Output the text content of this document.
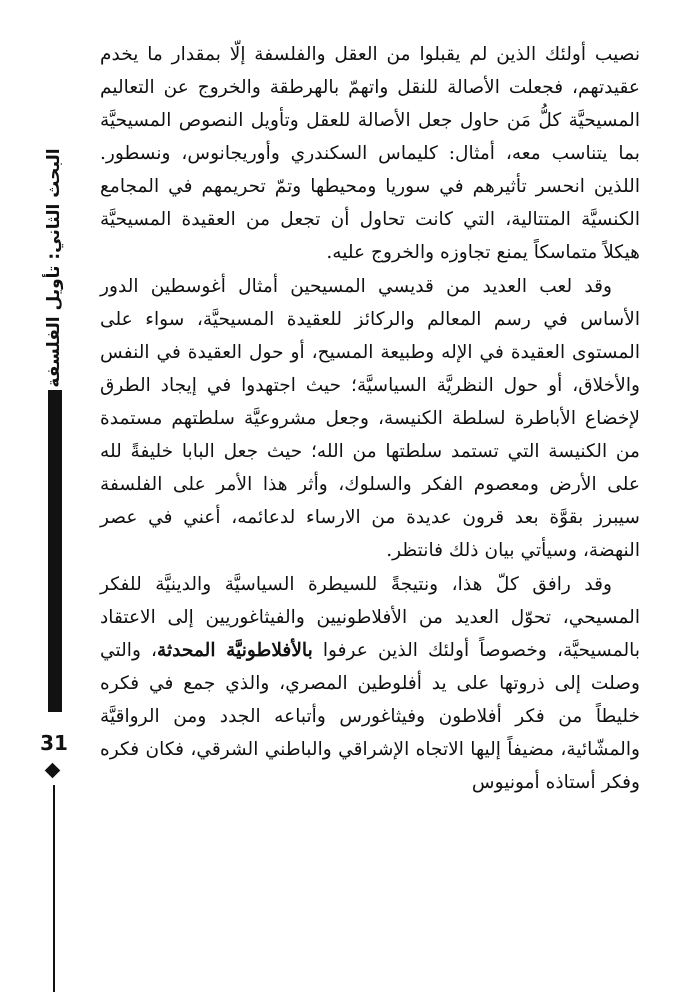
البحث الثاني: تأويل الفلسفة
31

نصيب أولئك الذين لم يقبلوا من العقل والفلسفة إلّا بمقدار ما يخدم عقيدتهم، فجعلت الأصالة للنقل واتهمّ بالهرطقة والخروج عن التعاليم المسيحيَّة كلُّ مَن حاول جعل الأصالة للعقل وتأويل النصوص المسيحيَّة بما يتناسب معه، أمثال: كليماس السكندري وأوريجانوس، ونسطور. اللذين انحسر تأثيرهم في سوريا ومحيطها وتمّ تحريمهم في المجامع الكنسيَّة المتتالية، التي كانت تحاول أن تجعل من العقيدة المسيحيَّة هيكلاً متماسكاً يمنع تجاوزه والخروج عليه.

وقد لعب العديد من قديسي المسيحين أمثال أغوسطين الدور الأساس في رسم المعالم والركائز للعقيدة المسيحيَّة، سواء على المستوى العقيدة في الإله وطبيعة المسيح، أو حول العقيدة في النفس والأخلاق، أو حول النظريَّة السياسيَّة؛ حيث اجتهدوا في إيجاد الطرق لإخضاع الأباطرة لسلطة الكنيسة، وجعل مشروعيَّة سلطتهم مستمدة من الكنيسة التي تستمد سلطتها من الله؛ حيث جعل البابا خليفةً لله على الأرض ومعصوم الفكر والسلوك، وأثر هذا الأمر على الفلسفة سيبرز بقوَّة بعد قرون عديدة من الارساء لدعائمه، أعني في عصر النهضة، وسيأتي بيان ذلك فانتظر.

وقد رافق كلّ هذا، ونتيجةً للسيطرة السياسيَّة والدينيَّة للفكر المسيحي، تحوّل العديد من الأفلاطونيين والفيثاغوريين إلى الاعتقاد بالمسيحيَّة، وخصوصاً أولئك الذين عرفوا بالأفلاطونيَّة المحدثة، والتي وصلت إلى ذروتها على يد أفلوطين المصري، والذي جمع في فكره خليطاً من فكر أفلاطون وفيثاغورس وأتباعه الجدد ومن الرواقيَّة والمشّائية، مضيفاً إليها الاتجاه الإشراقي والباطني الشرقي، فكان فكره وفكر أستاذه أمونيوس
